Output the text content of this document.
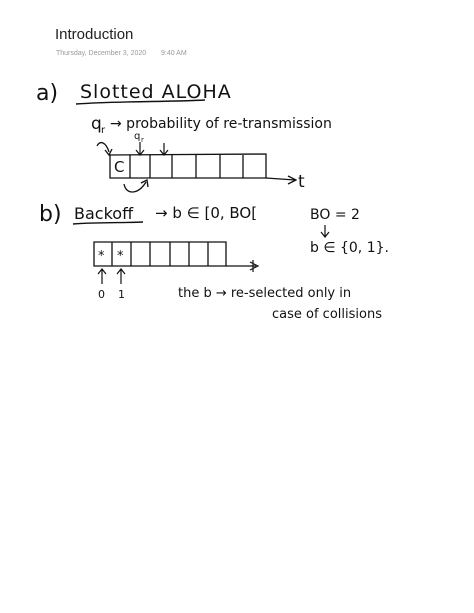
Introduction
Thursday, December 3, 2020 9:40 AM
a) Slotted ALOHA
q r → probability of re-transmission
q r
C
t
b) Backoff → b ∈ [0, BO[	BO = 2
b ∈ {0, 1}.
* *
0 1	the b → re-selected only in
case of collisions
